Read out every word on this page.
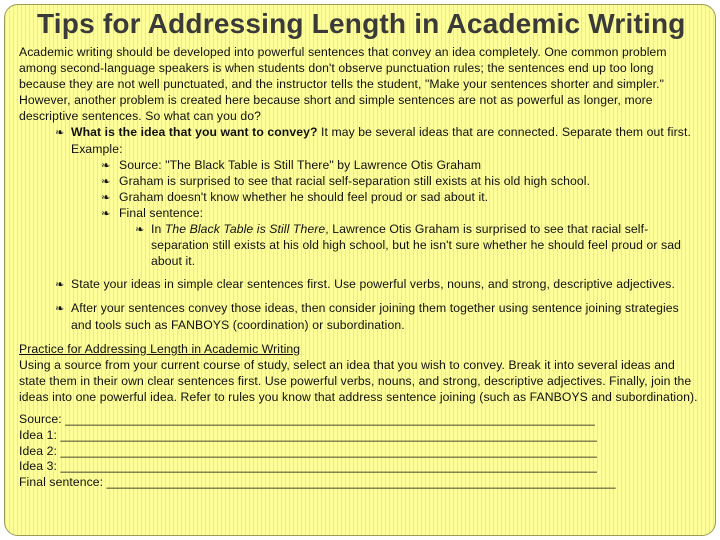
Tips for Addressing Length in Academic Writing

Academic writing should be developed into powerful sentences that convey an idea completely. One common problem among second-language speakers is when students don't observe punctuation rules; the sentences end up too long because they are not well punctuated, and the instructor tells the student, "Make your sentences shorter and simpler." However, another problem is created here because short and simple sentences are not as powerful as longer, more descriptive sentences. So what can you do?

❧ What is the idea that you want to convey? It may be several ideas that are connected. Separate them out first. Example:

❧ Source: "The Black Table is Still There" by Lawrence Otis Graham

❧ Graham is surprised to see that racial self-separation still exists at his old high school.

❧ Graham doesn't know whether he should feel proud or sad about it.

❧ Final sentence:

❧ In The Black Table is Still There, Lawrence Otis Graham is surprised to see that racial self-separation still exists at his old high school, but he isn't sure whether he should feel proud or sad about it.

❧ State your ideas in simple clear sentences first. Use powerful verbs, nouns, and strong, descriptive adjectives.

❧ After your sentences convey those ideas, then consider joining them together using sentence joining strategies and tools such as FANBOYS (coordination) or subordination.

Practice for Addressing Length in Academic Writing

Using a source from your current course of study, select an idea that you wish to convey. Break it into several ideas and state them in their own clear sentences first. Use powerful verbs, nouns, and strong, descriptive adjectives. Finally, join the ideas into one powerful idea. Refer to rules you know that address sentence joining (such as FANBOYS and subordination).

Source: _____________________________________________________________________________
Idea 1: ______________________________________________________________________________
Idea 2: ______________________________________________________________________________
Idea 3: ______________________________________________________________________________
Final sentence: __________________________________________________________________________
